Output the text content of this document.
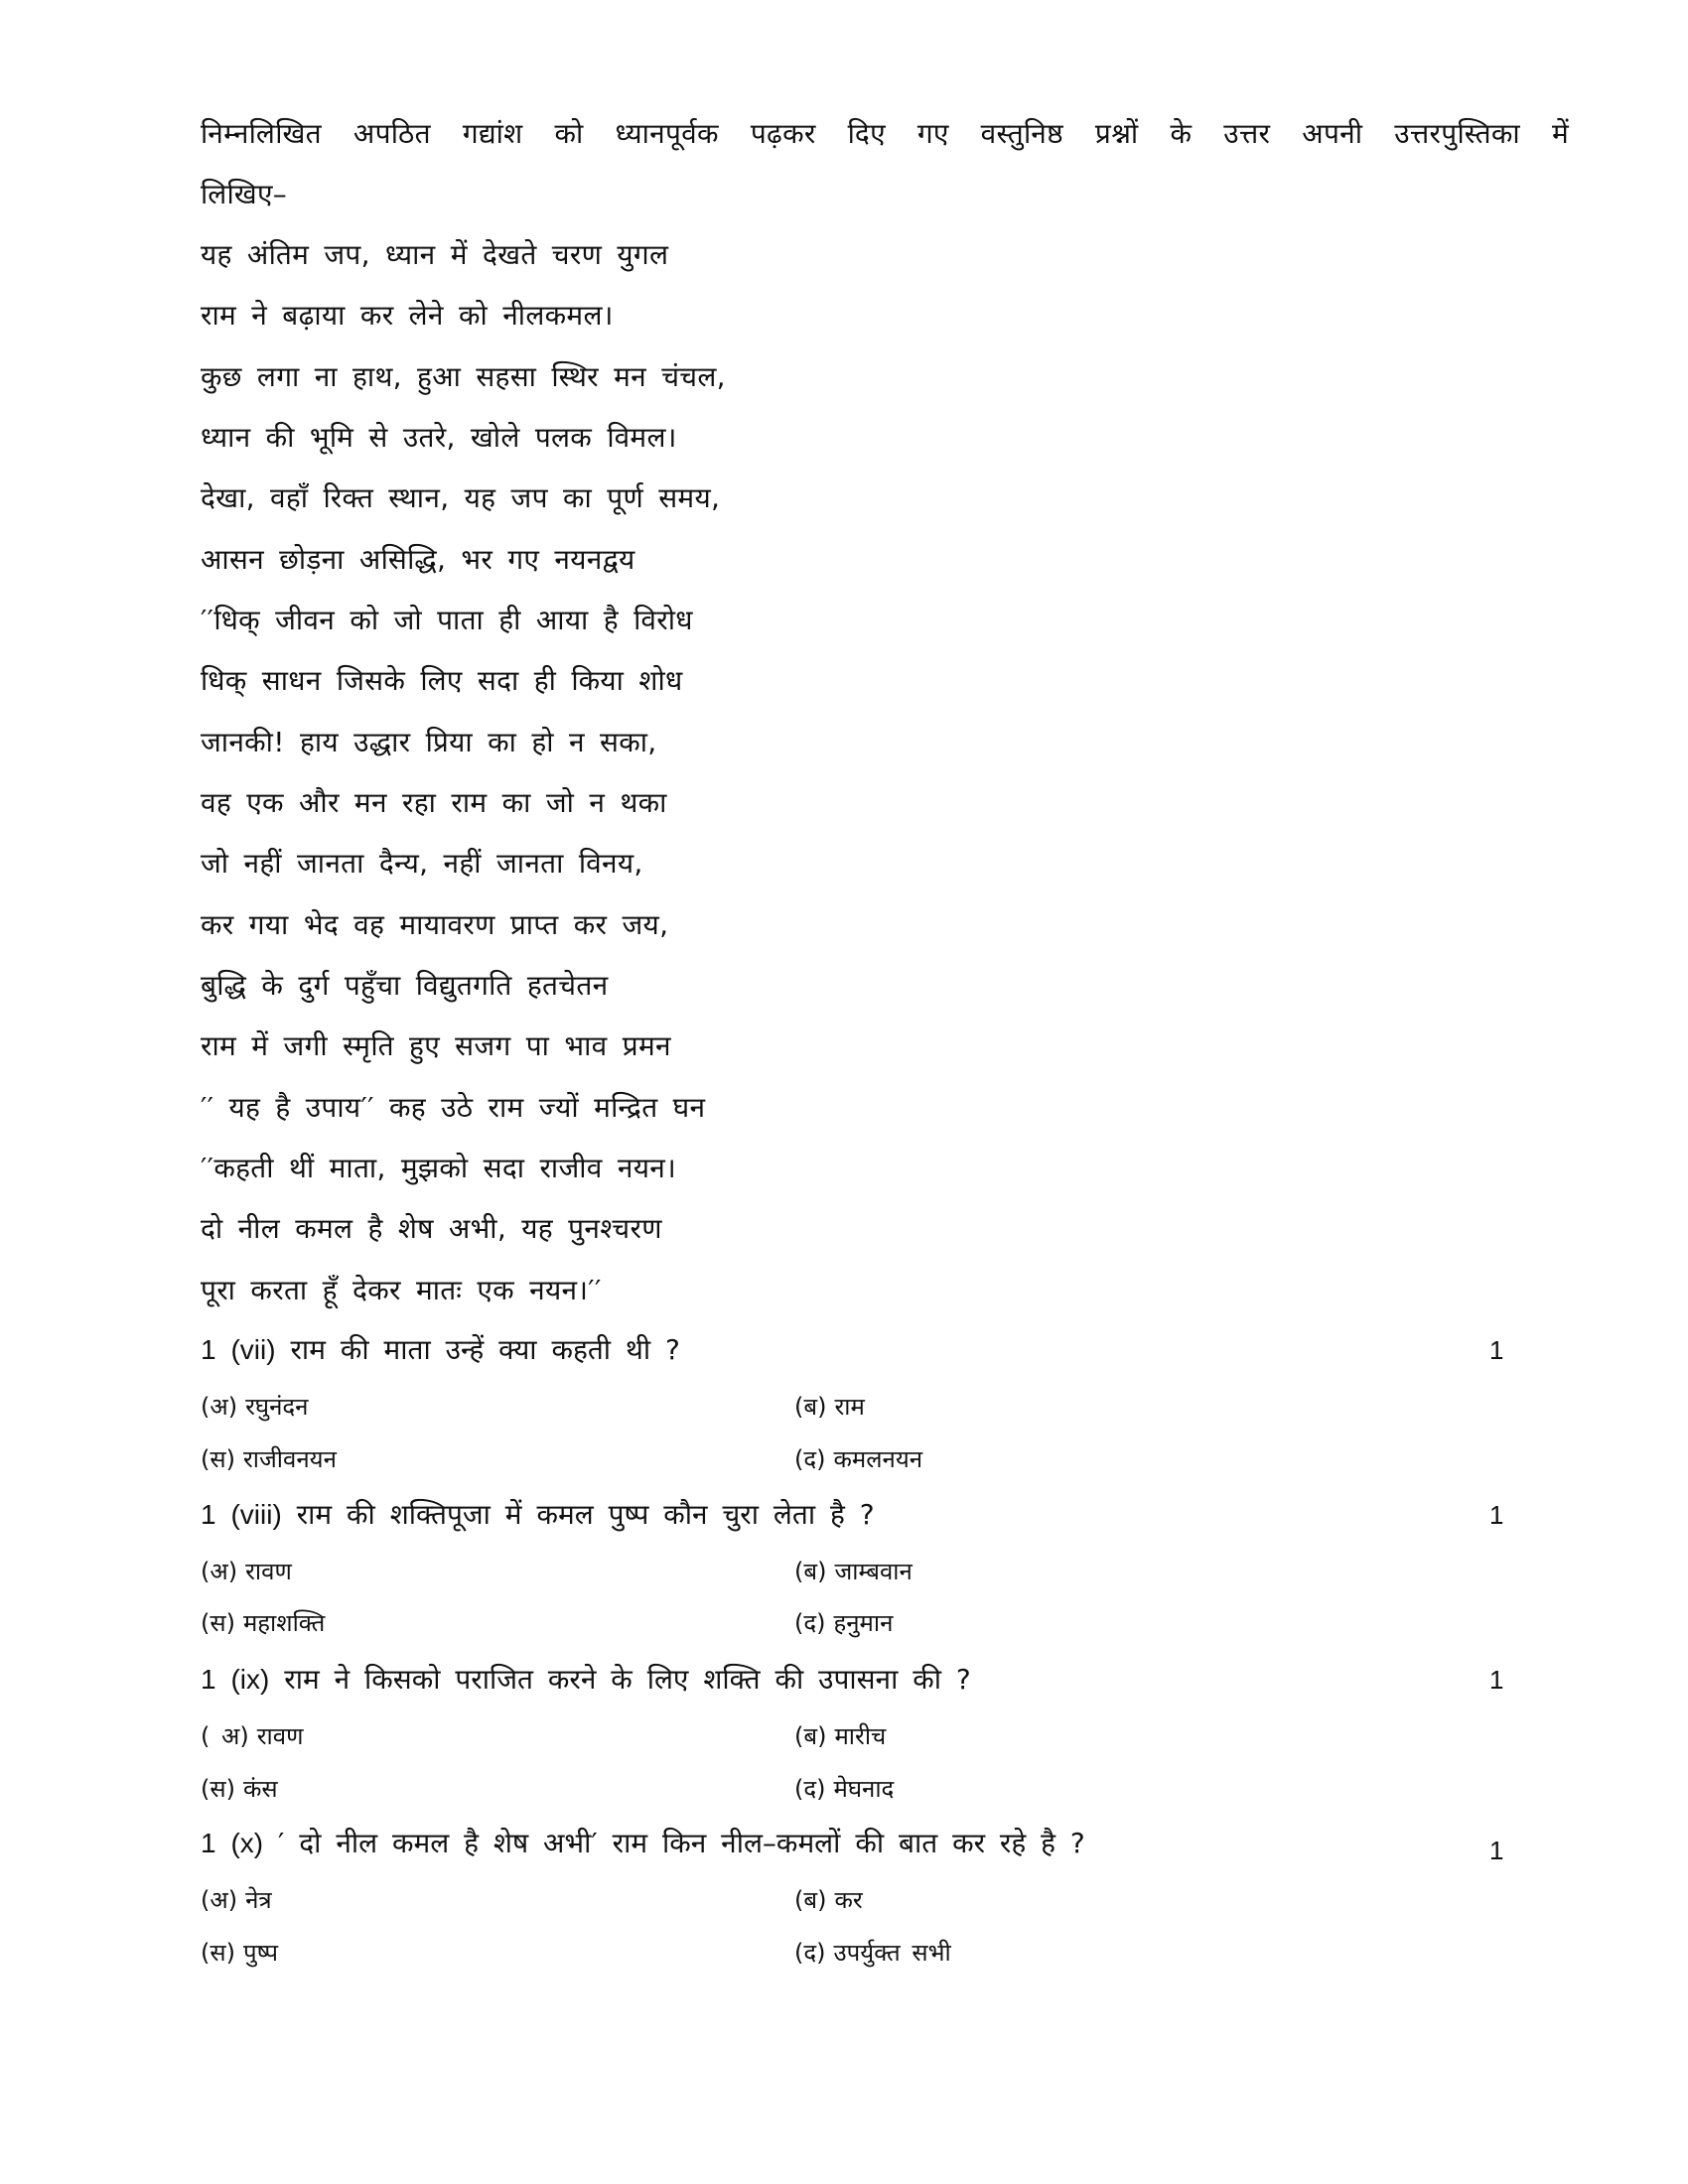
निम्नलिखित अपठित गद्यांश को ध्यानपूर्वक पढ़कर दिए गए वस्तुनिष्ठ प्रश्नों के उत्तर अपनी उत्तरपुस्तिका में
लिखिए–
यह अंतिम जप, ध्यान में देखते चरण युगल
राम ने बढ़ाया कर लेने को नीलकमल।
कुछ लगा ना हाथ, हुआ सहसा स्थिर मन चंचल,
ध्यान की भूमि से उतरे, खोले पलक विमल।
देखा, वहाँ रिक्त स्थान, यह जप का पूर्ण समय,
आसन छोड़ना असिद्धि, भर गए नयनद्वय
′′धिक् जीवन को जो पाता ही आया है विरोध
धिक् साधन जिसके लिए सदा ही किया शोध
जानकी! हाय उद्धार प्रिया का हो न सका,
वह एक और मन रहा राम का जो न थका
जो नहीं जानता दैन्य, नहीं जानता विनय,
कर गया भेद वह मायावरण प्राप्त कर जय,
बुद्धि के दुर्ग पहुँचा विद्युतगति हतचेतन
राम में जगी स्मृति हुए सजग पा भाव प्रमन
′′ यह है उपाय′′ कह उठे राम ज्यों मन्द्रित घन
′′कहती थीं माता, मुझको सदा राजीव नयन।
दो नील कमल है शेष अभी, यह पुनश्चरण
पूरा करता हूँ देकर मातः एक नयन।′′
1 (vii) राम की माता उन्हें क्या कहती थी ?	1
(अ) रघुनंदन	(ब) राम
(स) राजीवनयन	(द) कमलनयन
1 (viii) राम की शक्तिपूजा में कमल पुष्प कौन चुरा लेता है ?	1
(अ) रावण	(ब) जाम्बवान
(स) महाशक्ति	(द) हनुमान
1 (ix) राम ने किसको पराजित करने के लिए शक्ति की उपासना की ?	1
( अ) रावण	(ब) मारीच
(स) कंस	(द) मेघनाद
1 (x) ′ दो नील कमल है शेष अभी′ राम किन नील–कमलों की बात कर रहे है ?	1
(अ) नेत्र	(ब) कर
(स) पुष्प	(द) उपर्युक्त सभी
